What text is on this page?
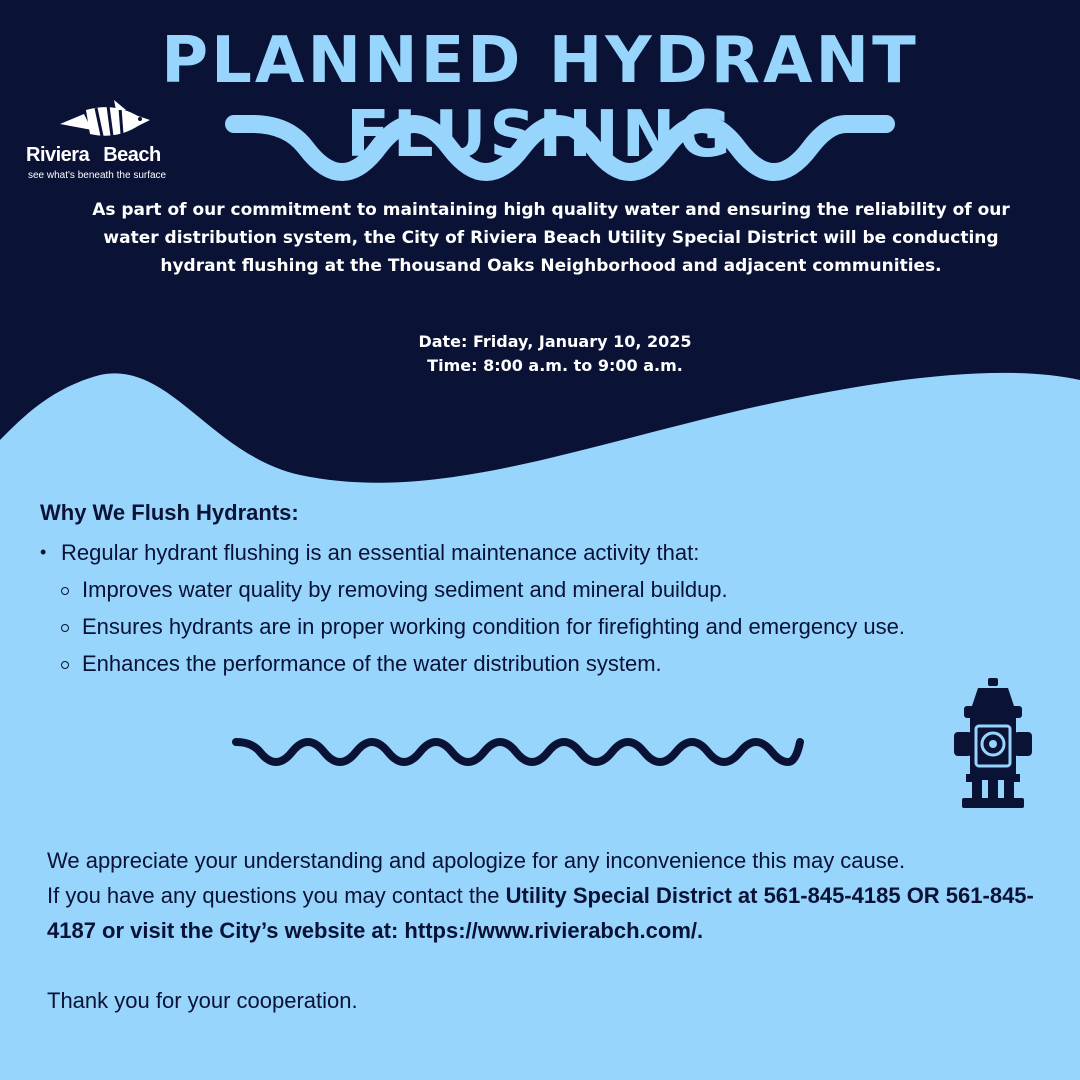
PLANNED HYDRANT FLUSHING
Riviera Beach
see what's beneath the surface

As part of our commitment to maintaining high quality water and ensuring the reliability of our water distribution system, the City of Riviera Beach Utility Special District will be conducting hydrant flushing at the Thousand Oaks Neighborhood and adjacent communities.

Date: Friday, January 10, 2025
Time: 8:00 a.m. to 9:00 a.m.

Why We Flush Hydrants:

• Regular hydrant flushing is an essential maintenance activity that:
Improves water quality by removing sediment and mineral buildup.
Ensures hydrants are in proper working condition for firefighting and emergency use.
Enhances the performance of the water distribution system.

We appreciate your understanding and apologize for any inconvenience this may cause.

If you have any questions you may contact the Utility Special District at 561-845-4185 OR 561-845-4187 or visit the City’s website at: https://www.rivierabch.com/.

Thank you for your cooperation.
